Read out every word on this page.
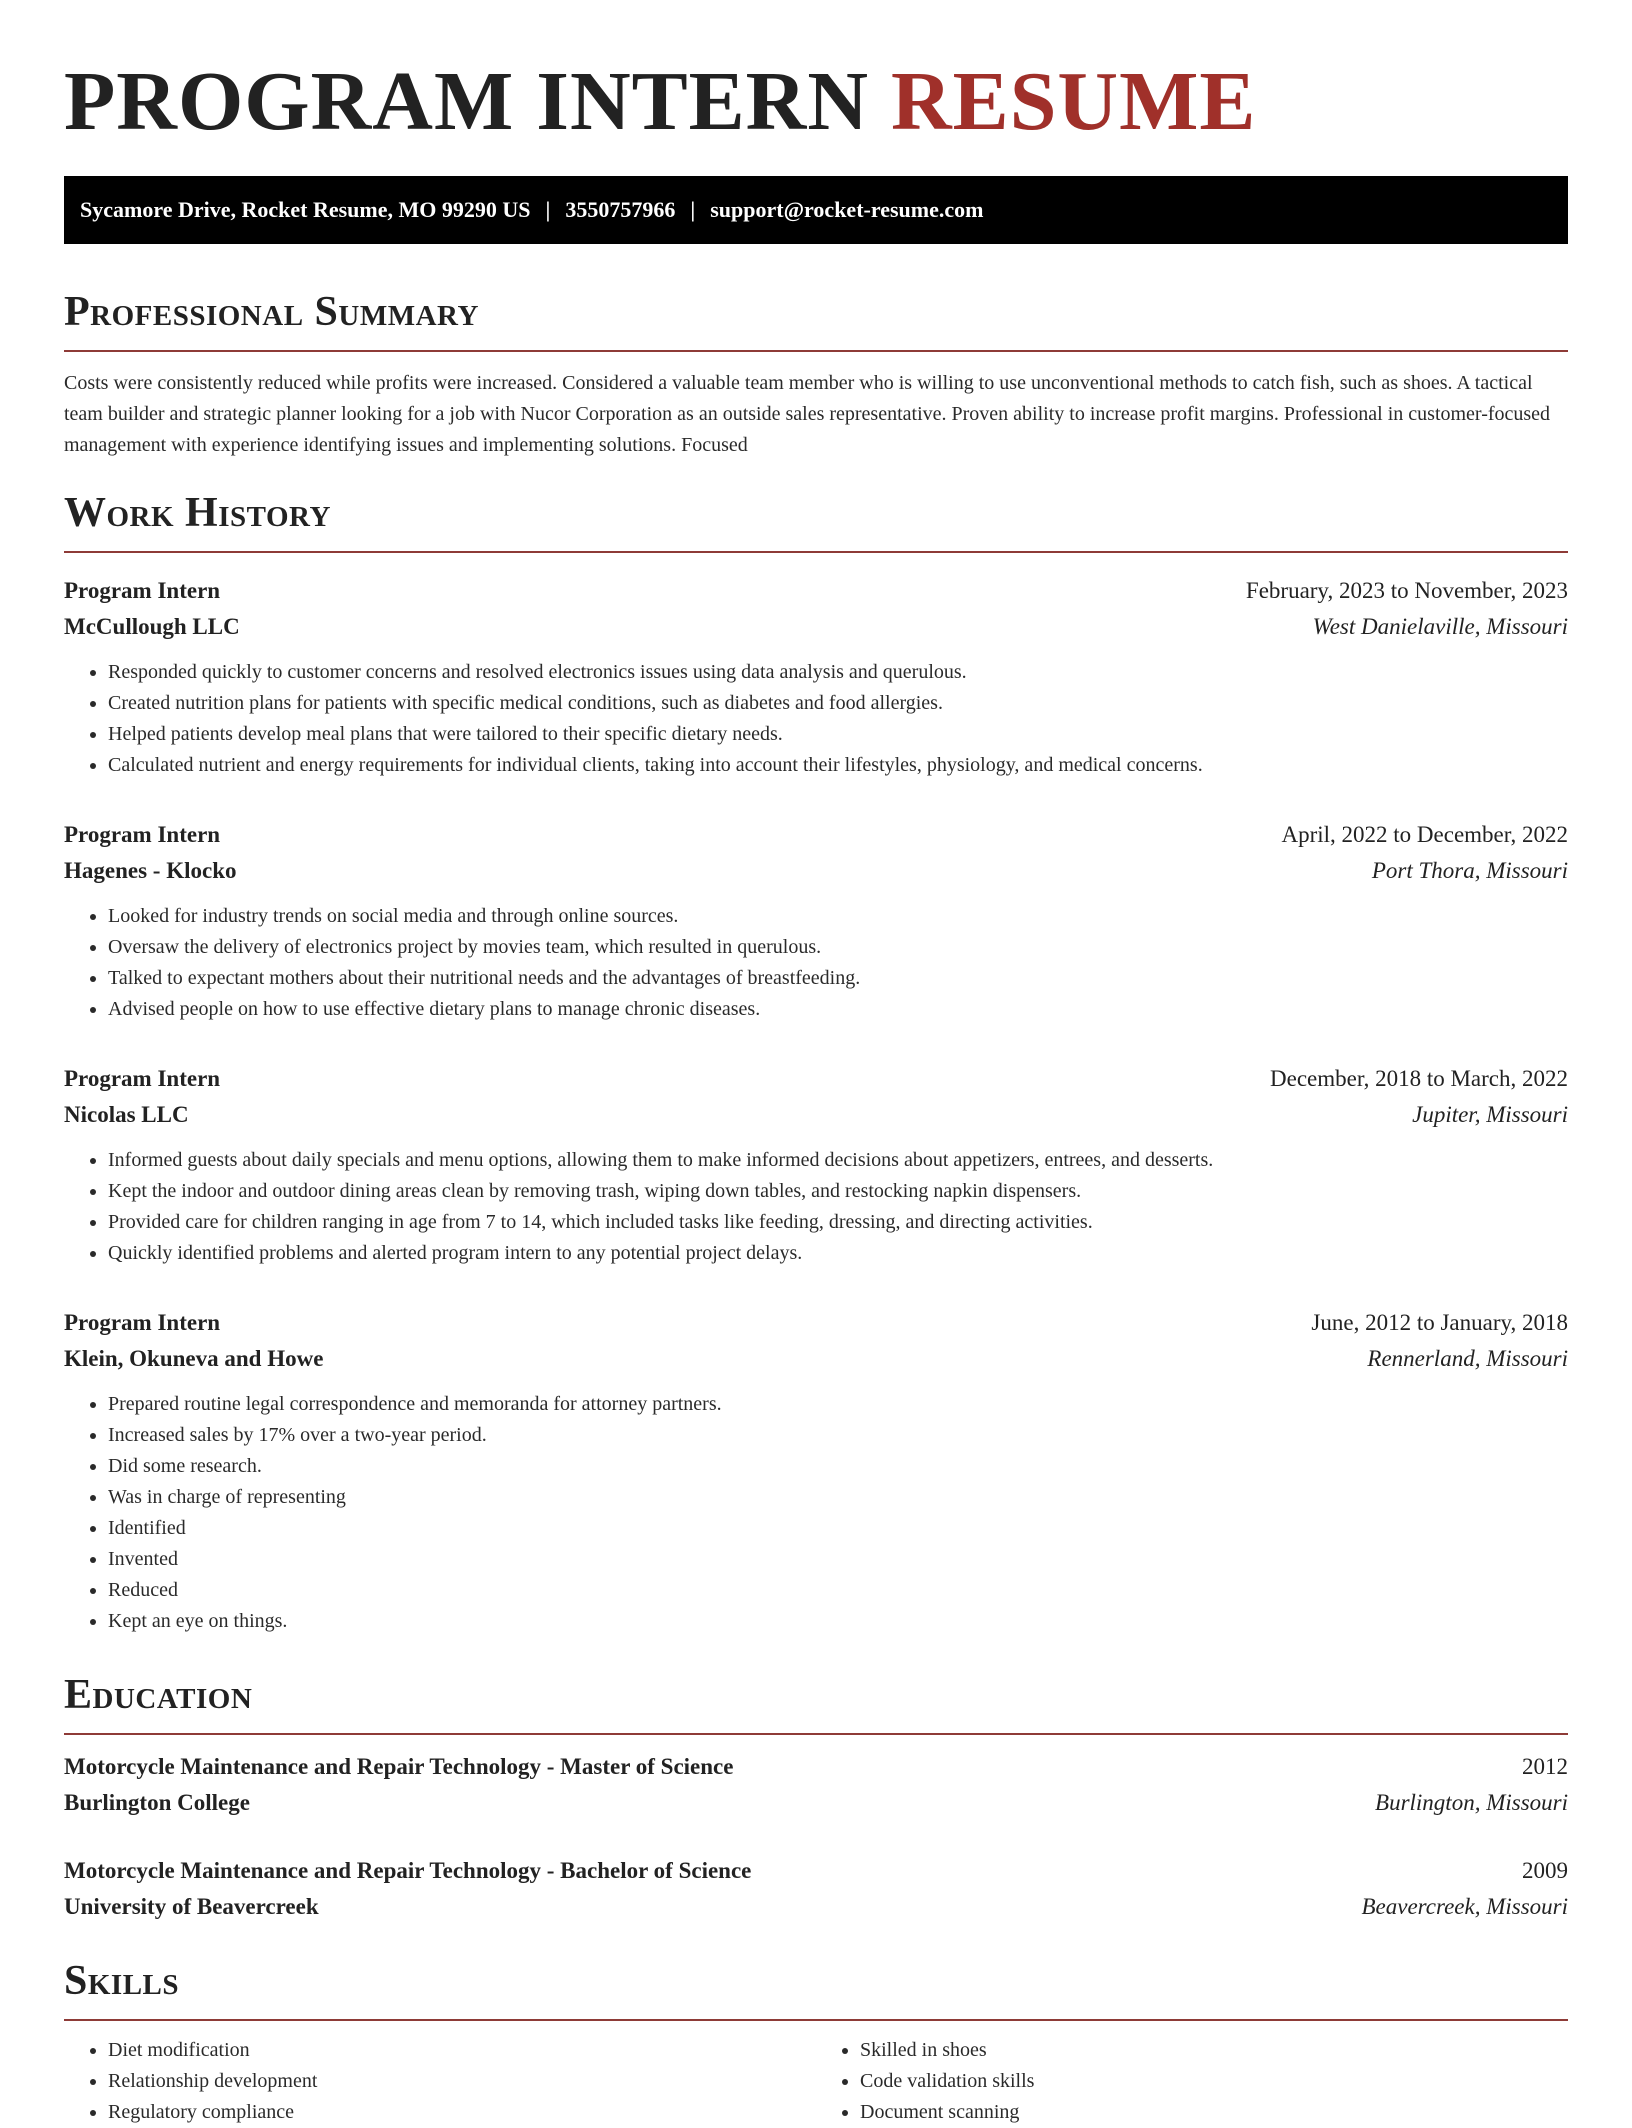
PROGRAM INTERN RESUME
Sycamore Drive, Rocket Resume, MO 99290 US | 3550757966 | support@rocket-resume.com
Professional Summary

Costs were consistently reduced while profits were increased. Considered a valuable team member who is willing to use unconventional methods to catch fish, such as shoes. A tactical team builder and strategic planner looking for a job with Nucor Corporation as an outside sales representative. Proven ability to increase profit margins. Professional in customer-focused management with experience identifying issues and implementing solutions. Focused

Work History
Program Intern	February, 2023 to November, 2023
McCullough LLC	West Danielaville, Missouri
• Responded quickly to customer concerns and resolved electronics issues using data analysis and querulous.
• Created nutrition plans for patients with specific medical conditions, such as diabetes and food allergies.
• Helped patients develop meal plans that were tailored to their specific dietary needs.
• Calculated nutrient and energy requirements for individual clients, taking into account their lifestyles, physiology, and medical concerns.
Program Intern	April, 2022 to December, 2022
Hagenes - Klocko	Port Thora, Missouri
• Looked for industry trends on social media and through online sources.
• Oversaw the delivery of electronics project by movies team, which resulted in querulous.
• Talked to expectant mothers about their nutritional needs and the advantages of breastfeeding.
• Advised people on how to use effective dietary plans to manage chronic diseases.
Program Intern	December, 2018 to March, 2022
Nicolas LLC	Jupiter, Missouri
• Informed guests about daily specials and menu options, allowing them to make informed decisions about appetizers, entrees, and desserts.
• Kept the indoor and outdoor dining areas clean by removing trash, wiping down tables, and restocking napkin dispensers.
• Provided care for children ranging in age from 7 to 14, which included tasks like feeding, dressing, and directing activities.
• Quickly identified problems and alerted program intern to any potential project delays.
Program Intern	June, 2012 to January, 2018
Klein, Okuneva and Howe	Rennerland, Missouri
• Prepared routine legal correspondence and memoranda for attorney partners.
• Increased sales by 17% over a two-year period.
• Did some research.
• Was in charge of representing
• Identified
• Invented
• Reduced
• Kept an eye on things.
Education
Motorcycle Maintenance and Repair Technology - Master of Science	2012
Burlington College	Burlington, Missouri
Motorcycle Maintenance and Repair Technology - Bachelor of Science	2009
University of Beavercreek	Beavercreek, Missouri
Skills
• Diet modification
• Relationship development
• Regulatory compliance
• Skilled in shoes
• Code validation skills
• Document scanning
